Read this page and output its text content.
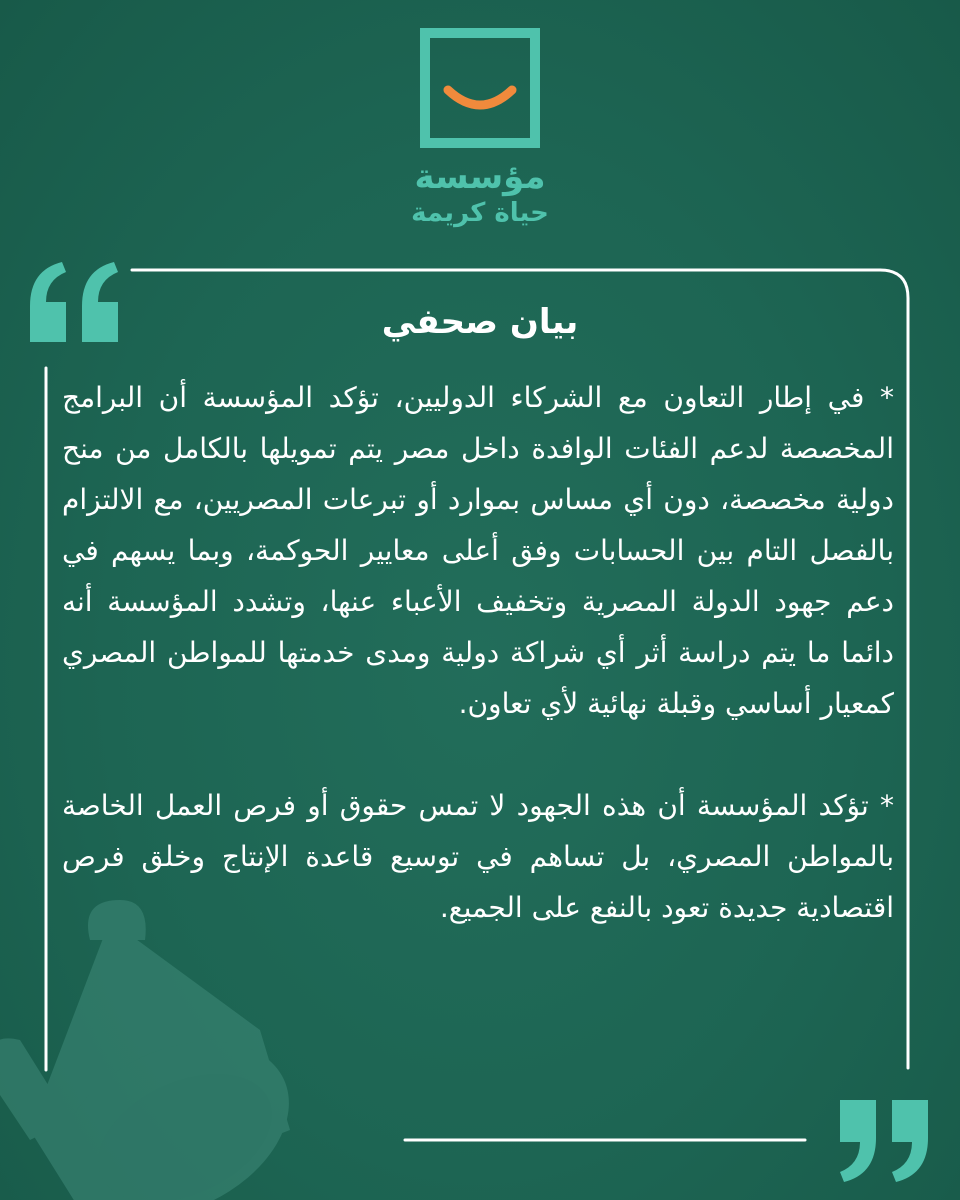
مؤسسة
حياة كريمة
بيان صحفي

* في إطار التعاون مع الشركاء الدوليين، تؤكد المؤسسة أن البرامج المخصصة لدعم الفئات الوافدة داخل مصر يتم تمويلها بالكامل من منح دولية مخصصة، دون أي مساس بموارد أو تبرعات المصريين، مع الالتزام بالفصل التام بين الحسابات وفق أعلى معايير الحوكمة، وبما يسهم في دعم جهود الدولة المصرية وتخفيف الأعباء عنها، وتشدد المؤسسة أنه دائما ما يتم دراسة أثر أي شراكة دولية ومدى خدمتها للمواطن المصري كمعيار أساسي وقبلة نهائية لأي تعاون.

* تؤكد المؤسسة أن هذه الجهود لا تمس حقوق أو فرص العمل الخاصة بالمواطن المصري، بل تساهم في توسيع قاعدة الإنتاج وخلق فرص اقتصادية جديدة تعود بالنفع على الجميع.
